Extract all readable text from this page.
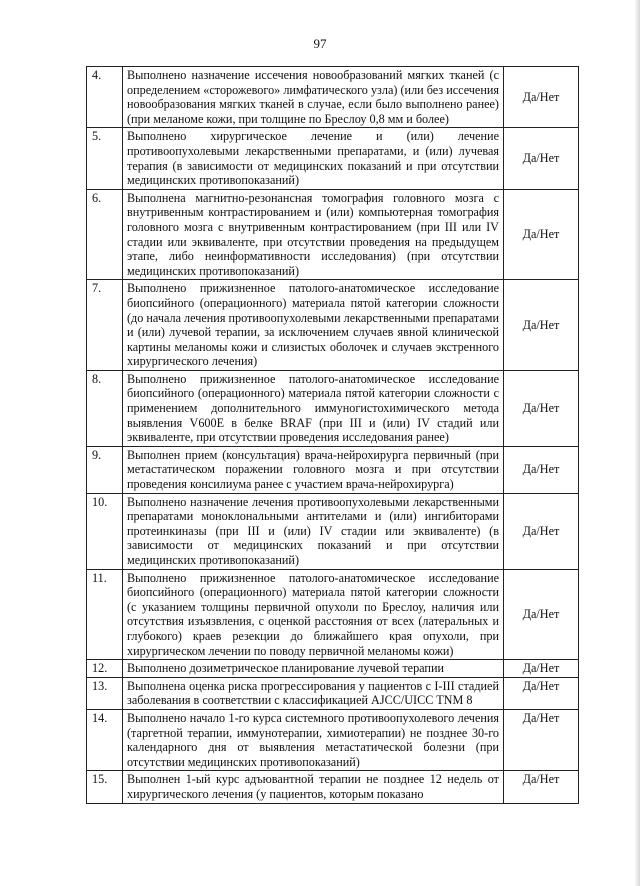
97
4.	Выполнено назначение иссечения новообразований мягких тканей (с определением «сторожевого» лимфатического узла) (или без иссечения новообразования мягких тканей в случае, если было выполнено ранее) (при меланоме кожи, при толщине по Бреслоу 0,8 мм и более)	Да/Нет
5.	Выполнено хирургическое лечение и (или) лечение противоопухолевыми лекарственными препаратами, и (или) лучевая терапия (в зависимости от медицинских показаний и при отсутствии медицинских противопоказаний)	Да/Нет
6.	Выполнена магнитно-резонансная томография головного мозга с внутривенным контрастированием и (или) компьютерная томография головного мозга с внутривенным контрастированием (при III или IV стадии или эквиваленте, при отсутствии проведения на предыдущем этапе, либо неинформативности исследования) (при отсутствии медицинских противопоказаний)	Да/Нет
7.	Выполнено прижизненное патолого-анатомическое исследование биопсийного (операционного) материала пятой категории сложности (до начала лечения противоопухолевыми лекарственными препаратами и (или) лучевой терапии, за исключением случаев явной клинической картины меланомы кожи и слизистых оболочек и случаев экстренного хирургического лечения)	Да/Нет
8.	Выполнено прижизненное патолого-анатомическое исследование биопсийного (операционного) материала пятой категории сложности с применением дополнительного иммуногистохимического метода выявления V600E в белке BRAF (при III и (или) IV стадий или эквиваленте, при отсутствии проведения исследования ранее)	Да/Нет
9.	Выполнен прием (консультация) врача-нейрохирурга первичный (при метастатическом поражении головного мозга и при отсутствии проведения консилиума ранее с участием врача-нейрохирурга)	Да/Нет
10.	Выполнено назначение лечения противоопухолевыми лекарственными препаратами моноклональными антителами и (или) ингибиторами протеинкиназы (при III и (или) IV стадии или эквиваленте) (в зависимости от медицинских показаний и при отсутствии медицинских противопоказаний)	Да/Нет
11.	Выполнено прижизненное патолого-анатомическое исследование биопсийного (операционного) материала пятой категории сложности (с указанием толщины первичной опухоли по Бреслоу, наличия или отсутствия изъязвления, с оценкой расстояния от всех (латеральных и глубокого) краев резекции до ближайшего края опухоли, при хирургическом лечении по поводу первичной меланомы кожи)	Да/Нет
12.	Выполнено дозиметрическое планирование лучевой терапии	Да/Нет
13.	Выполнена оценка риска прогрессирования у пациентов с I-III стадией заболевания в соответствии с классификацией AJCC/UICC TNM 8	Да/Нет
14.	Выполнено начало 1-го курса системного противоопухолевого лечения (таргетной терапии, иммунотерапии, химиотерапии) не позднее 30-го календарного дня от выявления метастатической болезни (при отсутствии медицинских противопоказаний)	Да/Нет
15.	Выполнен 1-ый курс адъювантной терапии не позднее 12 недель от хирургического лечения (у пациентов, которым показано	Да/Нет
